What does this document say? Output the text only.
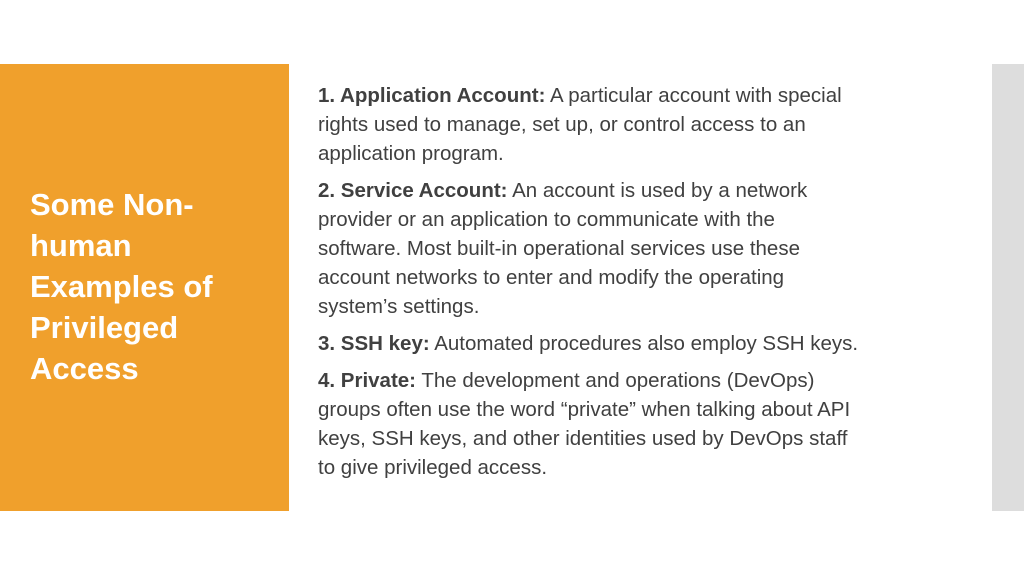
Some Non-
human
Examples of
Privileged
Access

1. Application Account: A particular account with special
rights used to manage, set up, or control access to an
application program.

2. Service Account: An account is used by a network
provider or an application to communicate with the
software. Most built-in operational services use these
account networks to enter and modify the operating
system’s settings.

3. SSH key: Automated procedures also employ SSH keys.

4. Private: The development and operations (DevOps)
groups often use the word “private” when talking about API
keys, SSH keys, and other identities used by DevOps staff
to give privileged access.
